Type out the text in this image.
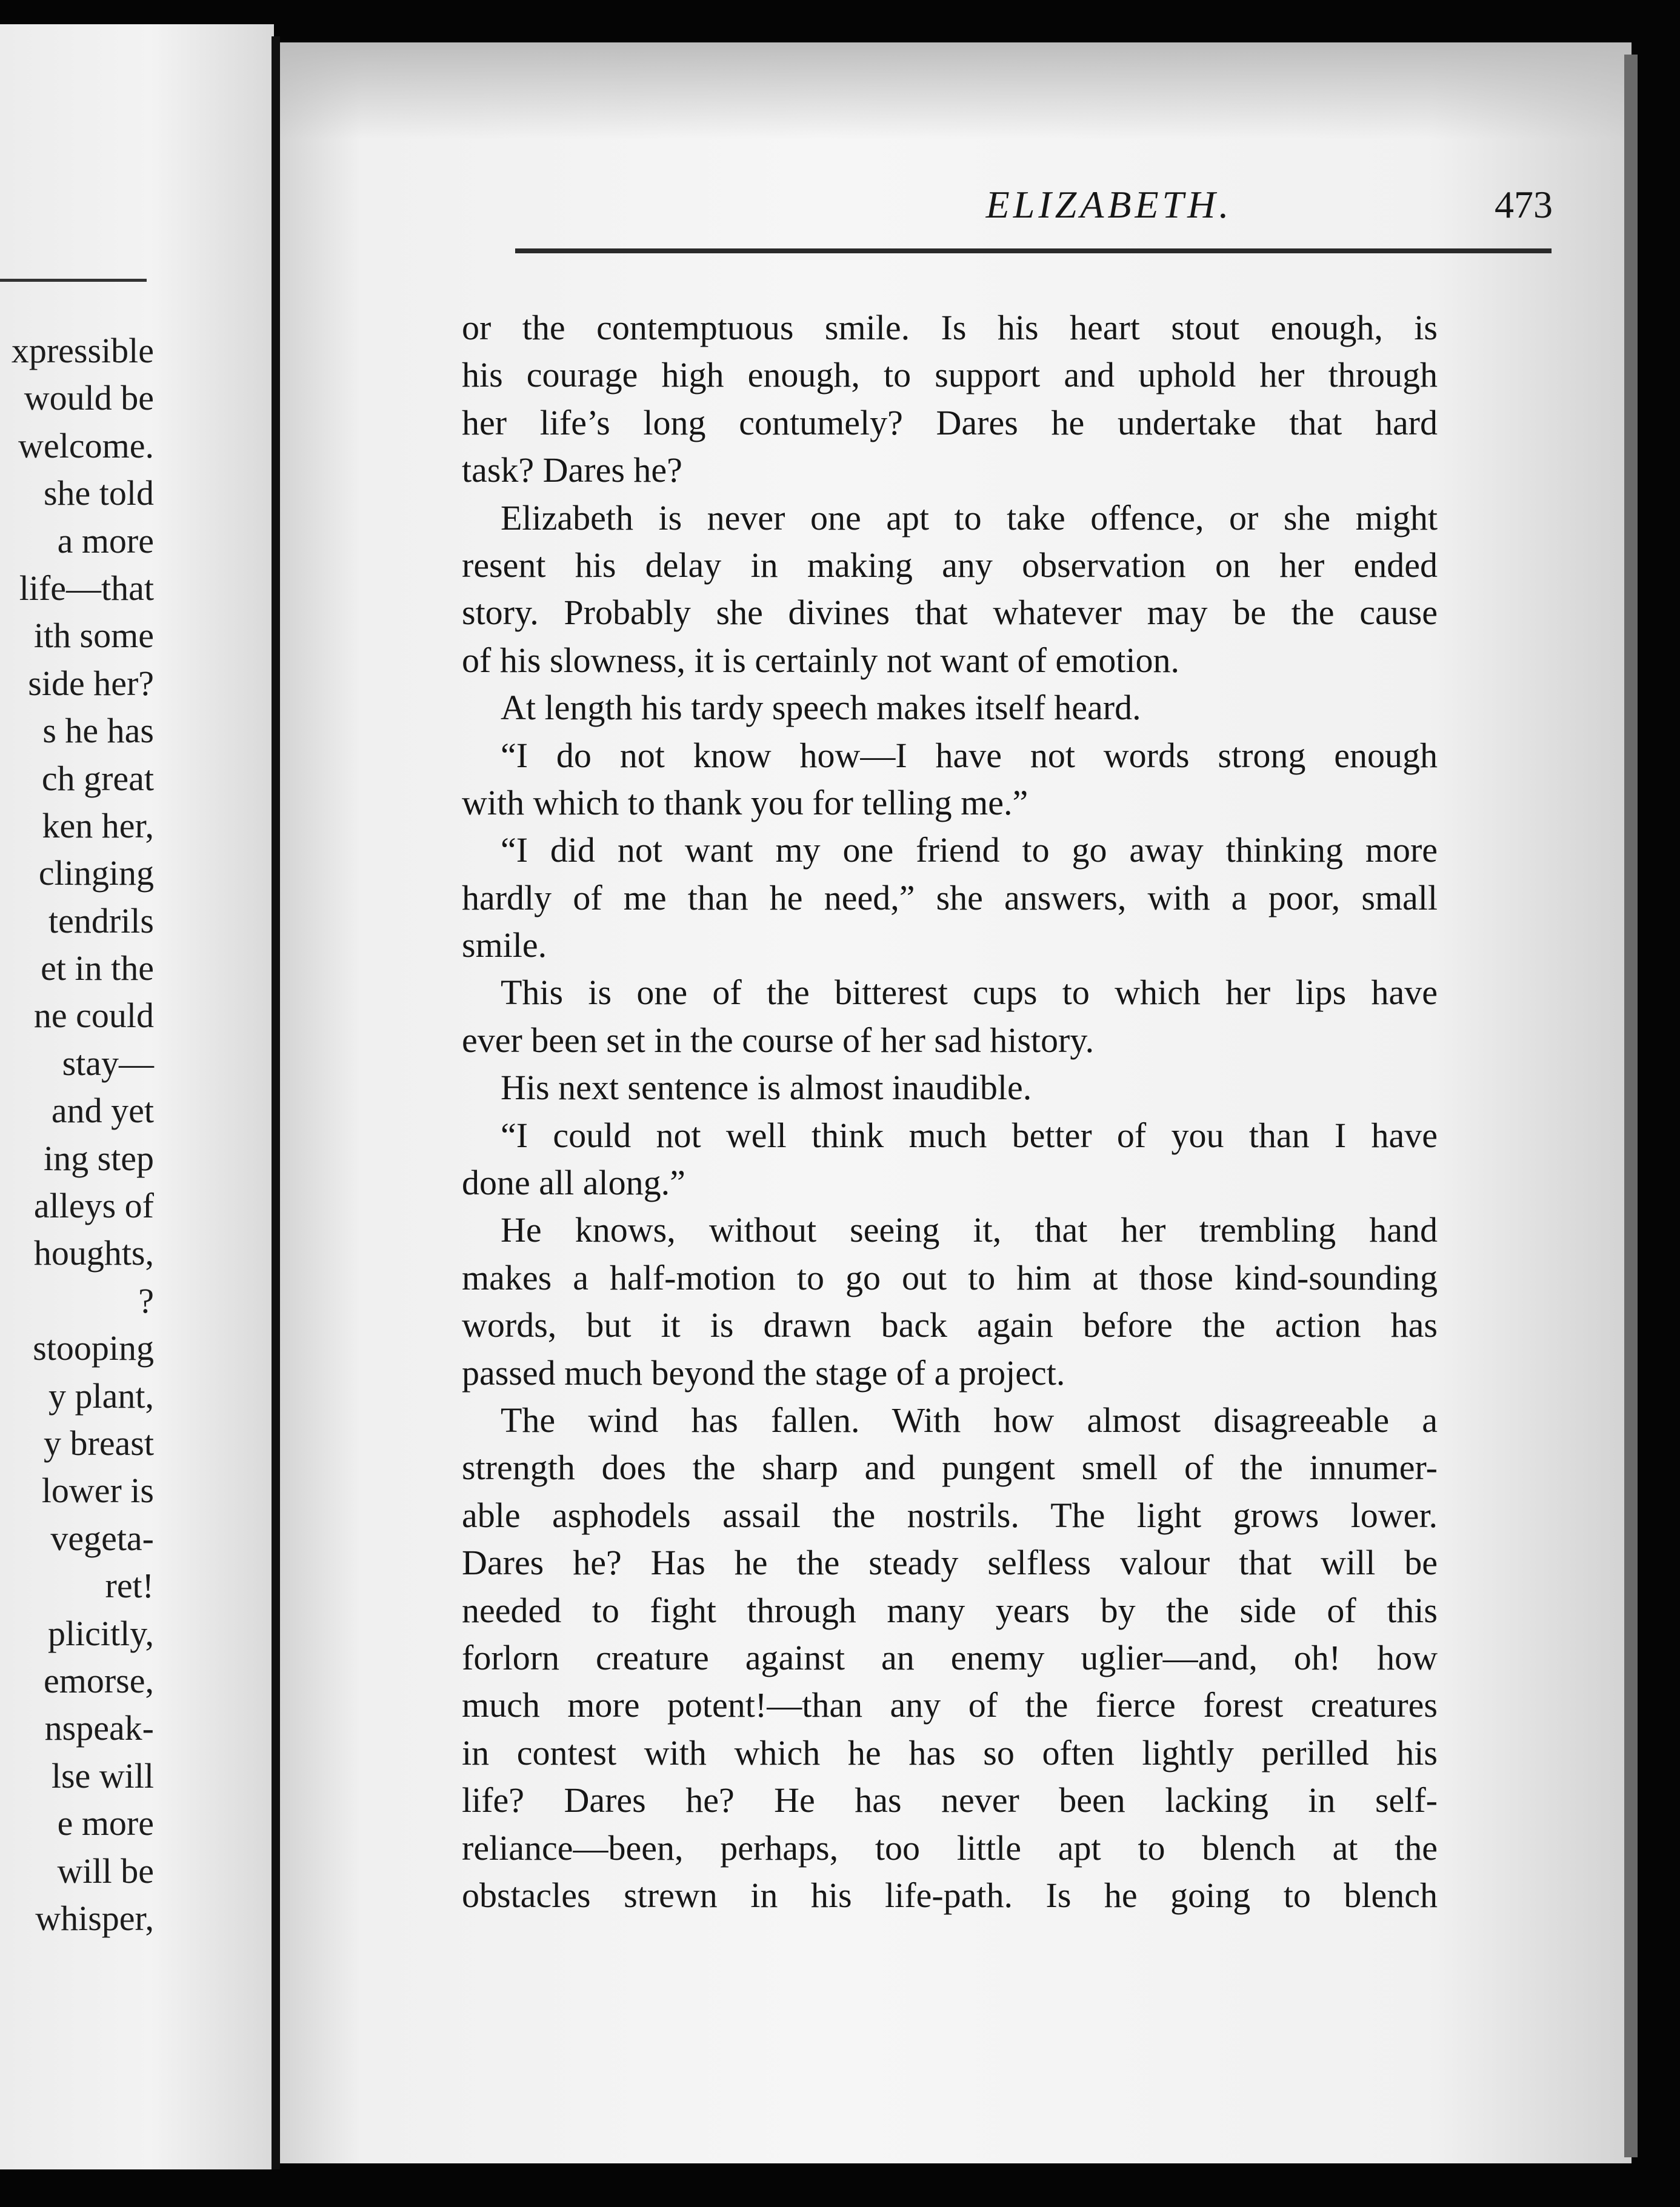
xpressible
would be
welcome.
she told
a more
life—that
ith some
side her?
s he has
ch great
ken her,
clinging
tendrils
et in the
ne could
stay—
and yet
ing step
alleys of
houghts,
?
stooping
y plant,
y breast
lower is
vegeta-
ret!
plicitly,
emorse,
nspeak-
lse will
e more
will be
whisper,
ELIZABETH.	473
or the contemptuous smile. Is his heart stout enough, is
his courage high enough, to support and uphold her through
her life’s long contumely? Dares he undertake that hard
task? Dares he?
Elizabeth is never one apt to take offence, or she might
resent his delay in making any observation on her ended
story. Probably she divines that whatever may be the cause
of his slowness, it is certainly not want of emotion.
At length his tardy speech makes itself heard.
“I do not know how—I have not words strong enough
with which to thank you for telling me.”
“I did not want my one friend to go away thinking more
hardly of me than he need,” she answers, with a poor, small
smile.
This is one of the bitterest cups to which her lips have
ever been set in the course of her sad history.
His next sentence is almost inaudible.
“I could not well think much better of you than I have
done all along.”
He knows, without seeing it, that her trembling hand
makes a half-motion to go out to him at those kind-sounding
words, but it is drawn back again before the action has
passed much beyond the stage of a project.
The wind has fallen. With how almost disagreeable a
strength does the sharp and pungent smell of the innumer-
able asphodels assail the nostrils. The light grows lower.
Dares he? Has he the steady selfless valour that will be
needed to fight through many years by the side of this
forlorn creature against an enemy uglier—and, oh! how
much more potent!—than any of the fierce forest creatures
in contest with which he has so often lightly perilled his
life? Dares he? He has never been lacking in self-
reliance—been, perhaps, too little apt to blench at the
obstacles strewn in his life-path. Is he going to blench
